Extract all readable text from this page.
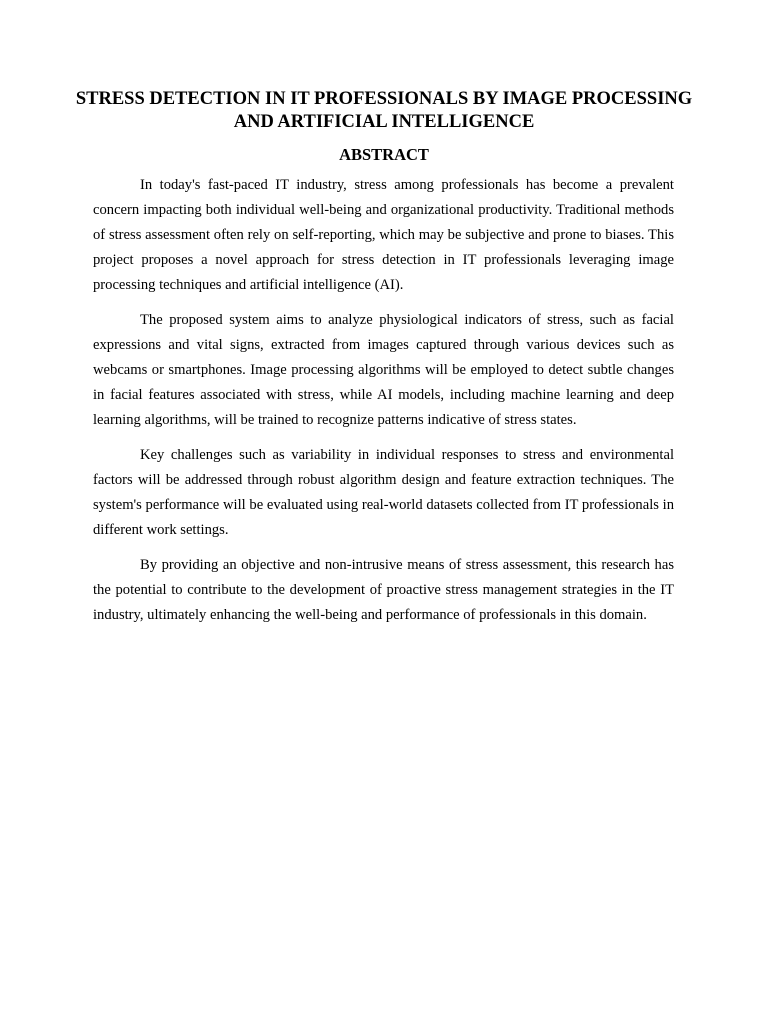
STRESS DETECTION IN IT PROFESSIONALS BY IMAGE PROCESSING AND ARTIFICIAL INTELLIGENCE
ABSTRACT

In today's fast-paced IT industry, stress among professionals has become a prevalent concern impacting both individual well-being and organizational productivity. Traditional methods of stress assessment often rely on self-reporting, which may be subjective and prone to biases. This project proposes a novel approach for stress detection in IT professionals leveraging image processing techniques and artificial intelligence (AI).

The proposed system aims to analyze physiological indicators of stress, such as facial expressions and vital signs, extracted from images captured through various devices such as webcams or smartphones. Image processing algorithms will be employed to detect subtle changes in facial features associated with stress, while AI models, including machine learning and deep learning algorithms, will be trained to recognize patterns indicative of stress states.

Key challenges such as variability in individual responses to stress and environmental factors will be addressed through robust algorithm design and feature extraction techniques. The system's performance will be evaluated using real-world datasets collected from IT professionals in different work settings.

By providing an objective and non-intrusive means of stress assessment, this research has the potential to contribute to the development of proactive stress management strategies in the IT industry, ultimately enhancing the well-being and performance of professionals in this domain.
